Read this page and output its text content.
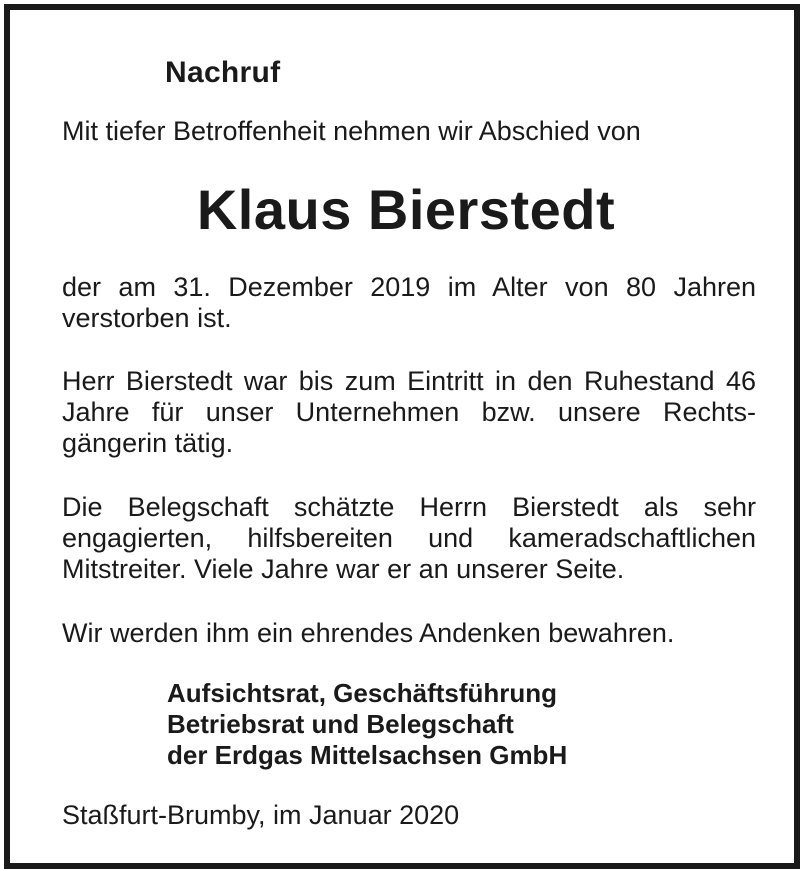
Nachruf
Mit tiefer Betroffenheit nehmen wir Abschied von
Klaus Bierstedt
der am 31. Dezember 2019 im Alter von 80 Jahren verstorben ist.
Herr Bierstedt war bis zum Eintritt in den Ruhestand 46 Jahre für unser Unternehmen bzw. unsere Rechtsgängerin tätig.
Die Belegschaft schätzte Herrn Bierstedt als sehr engagierten, hilfsbereiten und kameradschaftlichen Mitstreiter. Viele Jahre war er an unserer Seite.
Wir werden ihm ein ehrendes Andenken bewahren.
Aufsichtsrat, Geschäftsführung
Betriebsrat und Belegschaft
der Erdgas Mittelsachsen GmbH
Staßfurt-Brumby, im Januar 2020
